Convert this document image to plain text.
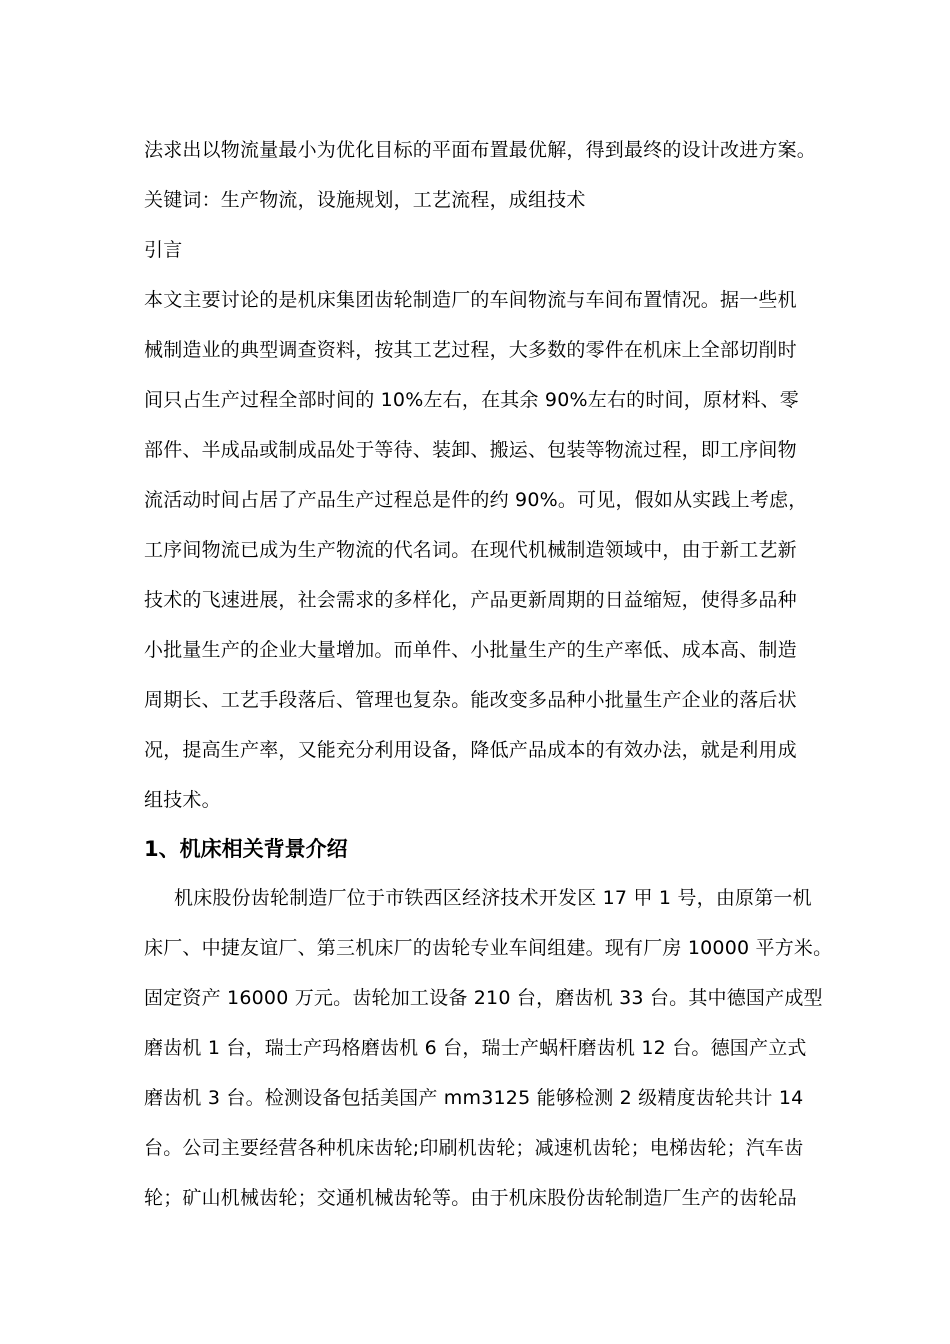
法求出以物流量最小为优化目标的平面布置最优解，得到最终的设计改进方案。
关键词：生产物流，设施规划，工艺流程，成组技术
引言
本文主要讨论的是机床集团齿轮制造厂的车间物流与车间布置情况。据一些机
械制造业的典型调查资料，按其工艺过程，大多数的零件在机床上全部切削时
间只占生产过程全部时间的 10%左右，在其余 90%左右的时间，原材料、零
部件、半成品或制成品处于等待、装卸、搬运、包装等物流过程，即工序间物
流活动时间占居了产品生产过程总是件的约 90%。可见，假如从实践上考虑，
工序间物流已成为生产物流的代名词。在现代机械制造领域中，由于新工艺新
技术的飞速进展，社会需求的多样化，产品更新周期的日益缩短，使得多品种
小批量生产的企业大量增加。而单件、小批量生产的生产率低、成本高、制造
周期长、工艺手段落后、管理也复杂。能改变多品种小批量生产企业的落后状
况，提高生产率，又能充分利用设备，降低产品成本的有效办法，就是利用成
组技术。
1、机床相关背景介绍
机床股份齿轮制造厂位于市铁西区经济技术开发区 17 甲 1 号，由原第一机
床厂、中捷友谊厂、第三机床厂的齿轮专业车间组建。现有厂房 10000 平方米。
固定资产 16000 万元。齿轮加工设备 210 台，磨齿机 33 台。其中德国产成型
磨齿机 1 台，瑞士产玛格磨齿机 6 台，瑞士产蜗杆磨齿机 12 台。德国产立式
磨齿机 3 台。检测设备包括美国产 mm3125 能够检测 2 级精度齿轮共计 14
台。公司主要经营各种机床齿轮;印刷机齿轮；减速机齿轮；电梯齿轮；汽车齿
轮；矿山机械齿轮；交通机械齿轮等。由于机床股份齿轮制造厂生产的齿轮品
